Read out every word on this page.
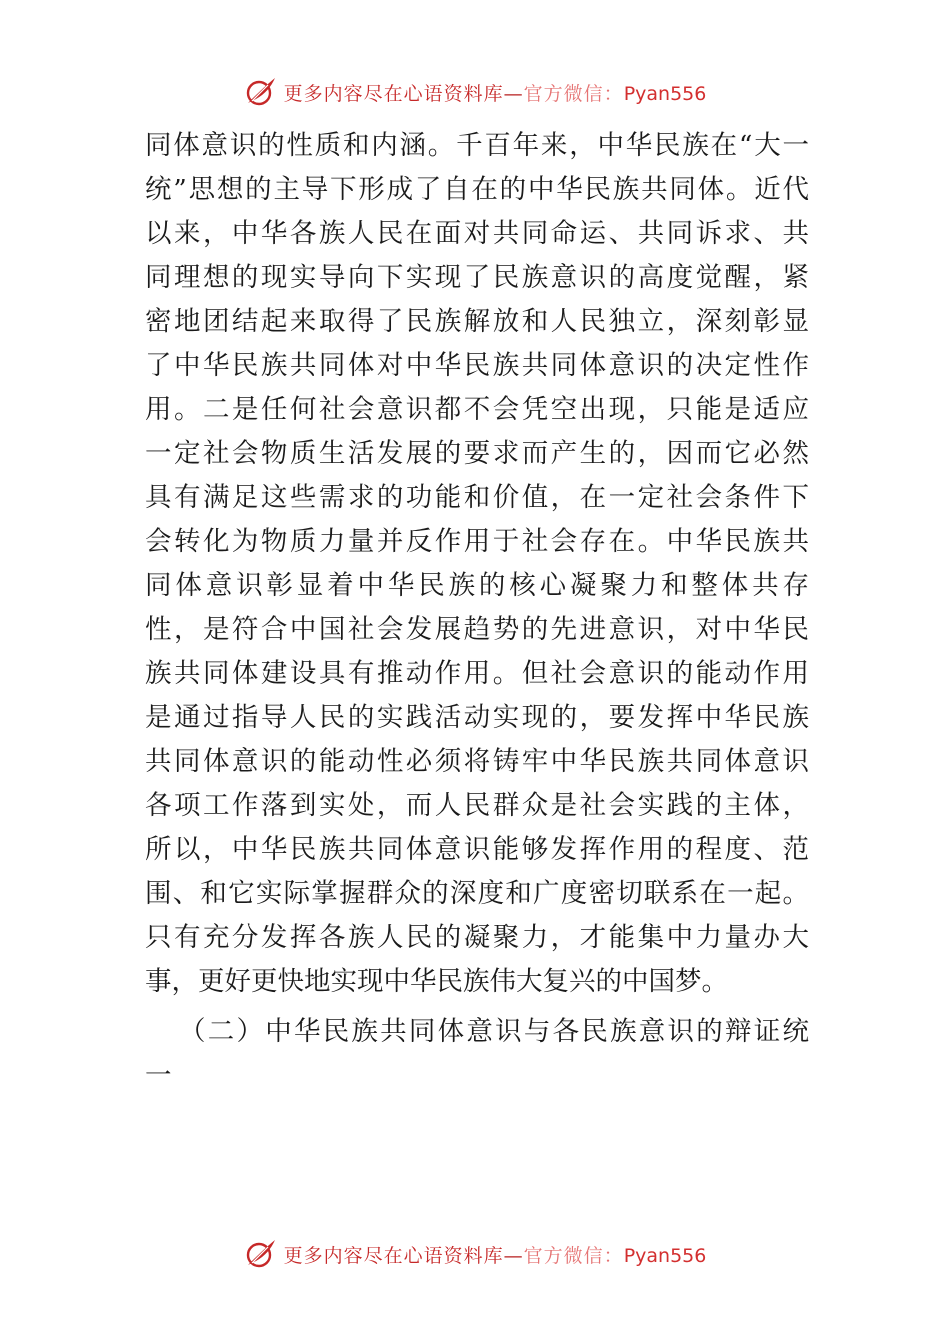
更多内容尽在心语资料库—官方微信：Pyan556
同体意识的性质和内涵。千百年来，中华民族在“大一
统”思想的主导下形成了自在的中华民族共同体。近代
以来，中华各族人民在面对共同命运、共同诉求、共
同理想的现实导向下实现了民族意识的高度觉醒，紧
密地团结起来取得了民族解放和人民独立，深刻彰显
了中华民族共同体对中华民族共同体意识的决定性作
用。二是任何社会意识都不会凭空出现，只能是适应
一定社会物质生活发展的要求而产生的，因而它必然
具有满足这些需求的功能和价值，在一定社会条件下
会转化为物质力量并反作用于社会存在。中华民族共
同体意识彰显着中华民族的核心凝聚力和整体共存
性，是符合中国社会发展趋势的先进意识，对中华民
族共同体建设具有推动作用。但社会意识的能动作用
是通过指导人民的实践活动实现的，要发挥中华民族
共同体意识的能动性必须将铸牢中华民族共同体意识
各项工作落到实处，而人民群众是社会实践的主体，
所以，中华民族共同体意识能够发挥作用的程度、范
围、和它实际掌握群众的深度和广度密切联系在一起。
只有充分发挥各族人民的凝聚力，才能集中力量办大
事，更好更快地实现中华民族伟大复兴的中国梦。
（二）中华民族共同体意识与各民族意识的辩证统
一
更多内容尽在心语资料库—官方微信：Pyan556
